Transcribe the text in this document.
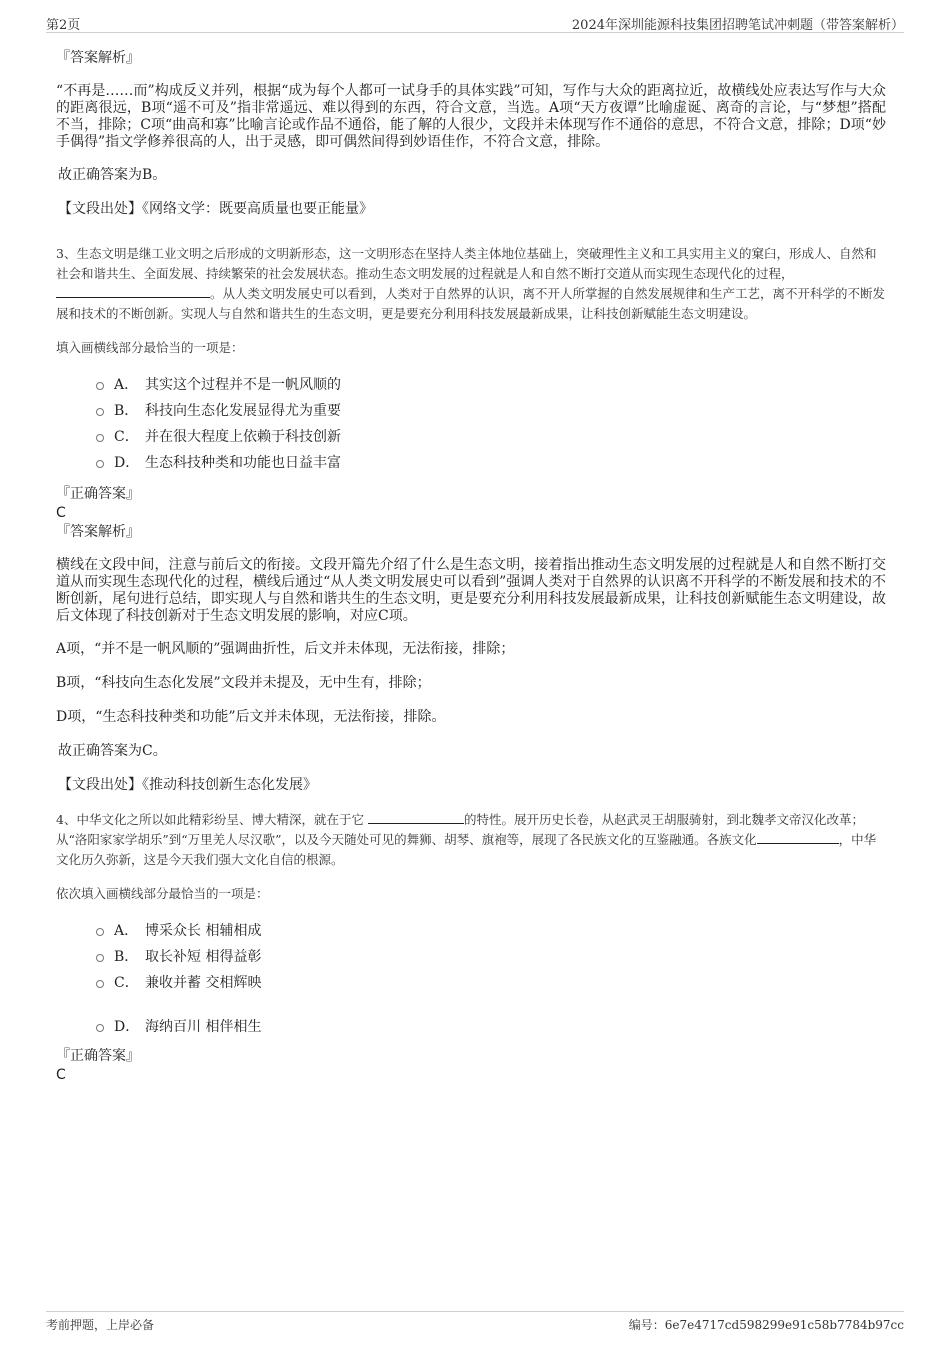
第2页	2024年深圳能源科技集团招聘笔试冲刺题（带答案解析）

『答案解析』

“不再是……而”构成反义并列，根据“成为每个人都可一试身手的具体实践”可知，写作与大众的距离拉近，故横线处应表达写作与大众的距离很远，B项“遥不可及”指非常遥远、难以得到的东西，符合文意，当选。A项“天方夜谭”比喻虚诞、离奇的言论，与“梦想”搭配不当，排除；C项“曲高和寡”比喻言论或作品不通俗，能了解的人很少，文段并未体现写作不通俗的意思，不符合文意，排除；D项“妙手偶得”指文学修养很高的人，出于灵感，即可偶然间得到妙语佳作，不符合文意，排除。

故正确答案为B。

【文段出处】《网络文学：既要高质量也要正能量》

3、生态文明是继工业文明之后形成的文明新形态，这一文明形态在坚持人类主体地位基础上，突破理性主义和工具实用主义的窠臼，形成人、自然和社会和谐共生、全面发展、持续繁荣的社会发展状态。推动生态文明发展的过程就是人和自然不断打交道从而实现生态现代化的过程，。从人类文明发展史可以看到，人类对于自然界的认识，离不开人所掌握的自然发展规律和生产工艺，离不开科学的不断发展和技术的不断创新。实现人与自然和谐共生的生态文明，更是要充分利用科技发展最新成果，让科技创新赋能生态文明建设。

填入画横线部分最恰当的一项是：

A． 其实这个过程并不是一帆风顺的
B． 科技向生态化发展显得尤为重要
C． 并在很大程度上依赖于科技创新
D． 生态科技种类和功能也日益丰富

『正确答案』

C

『答案解析』

横线在文段中间，注意与前后文的衔接。文段开篇先介绍了什么是生态文明，接着指出推动生态文明发展的过程就是人和自然不断打交道从而实现生态现代化的过程，横线后通过“从人类文明发展史可以看到”强调人类对于自然界的认识离不开科学的不断发展和技术的不断创新，尾句进行总结，即实现人与自然和谐共生的生态文明，更是要充分利用科技发展最新成果，让科技创新赋能生态文明建设，故后文体现了科技创新对于生态文明发展的影响，对应C项。

A项，“并不是一帆风顺的”强调曲折性，后文并未体现，无法衔接，排除；

B项，“科技向生态化发展”文段并未提及，无中生有，排除；

D项，“生态科技种类和功能”后文并未体现，无法衔接，排除。

故正确答案为C。

【文段出处】《推动科技创新生态化发展》

4、中华文化之所以如此精彩纷呈、博大精深，就在于它	的特性。展开历史长卷，从赵武灵王胡服骑射，到北魏孝文帝汉化改革；从“洛阳家家学胡乐”到“万里羌人尽汉歌”，以及今天随处可见的舞狮、胡琴、旗袍等，展现了各民族文化的互鉴融通。各族文化	，中华文化历久弥新，这是今天我们强大文化自信的根源。

依次填入画横线部分最恰当的一项是：

A． 博采众长 相辅相成
B． 取长补短 相得益彰
C． 兼收并蓄 交相辉映
D． 海纳百川 相伴相生

『正确答案』

C

考前押题，上岸必备	编号：6e7e4717cd598299e91c58b7784b97cc
